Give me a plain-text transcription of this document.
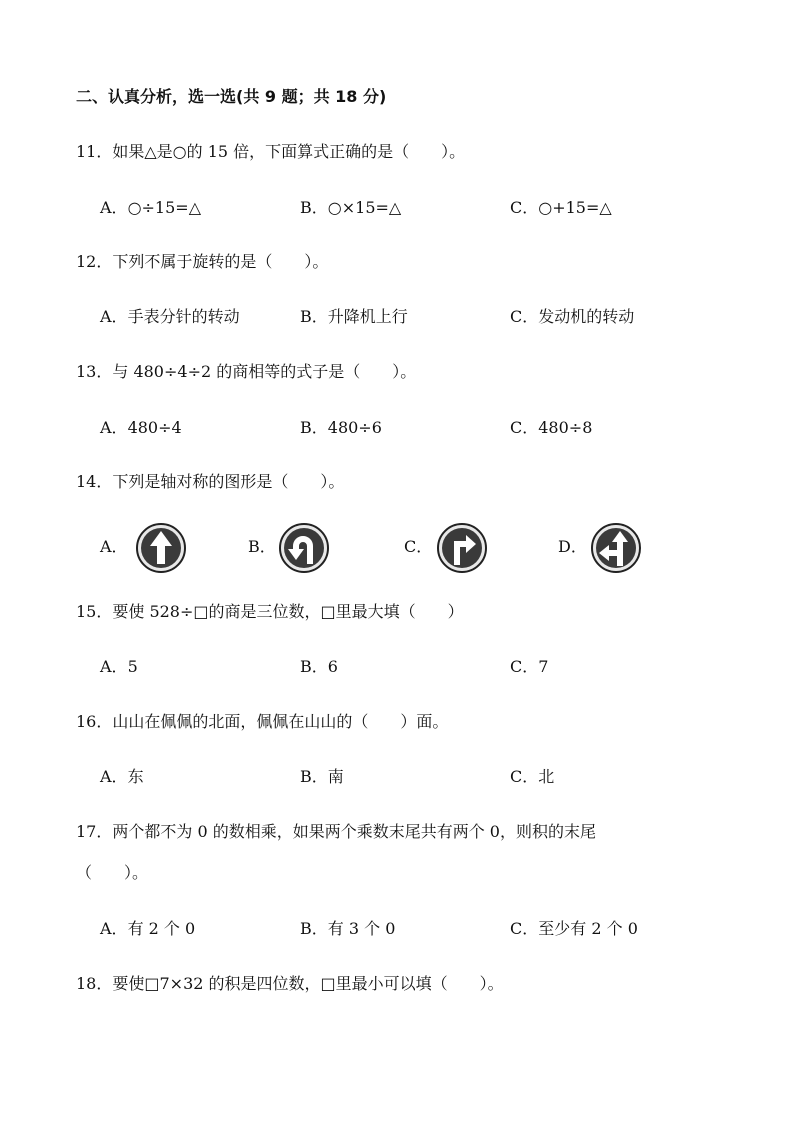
二、认真分析，选一选(共 9 题；共 18 分)
11．如果△是○的 15 倍，下面算式正确的是（　　）。
A．○÷15=△	B．○×15=△	C．○+15=△
12．下列不属于旋转的是（　　）。
A．手表分针的转动	B．升降机上行	C．发动机的转动
13．与 480÷4÷2 的商相等的式子是（　　）。
A．480÷4	B．480÷6	C．480÷8
14．下列是轴对称的图形是（　　）。
A．	B．	C．	D．
15．要使 528÷□的商是三位数，□里最大填（　　）
A．5	B．6	C．7
16．山山在佩佩的北面，佩佩在山山的（　　）面。
A．东	B．南	C．北
17．两个都不为 0 的数相乘，如果两个乘数末尾共有两个 0，则积的末尾
（　　）。
A．有 2 个 0	B．有 3 个 0	C．至少有 2 个 0
18．要使□7×32 的积是四位数，□里最小可以填（　　）。
